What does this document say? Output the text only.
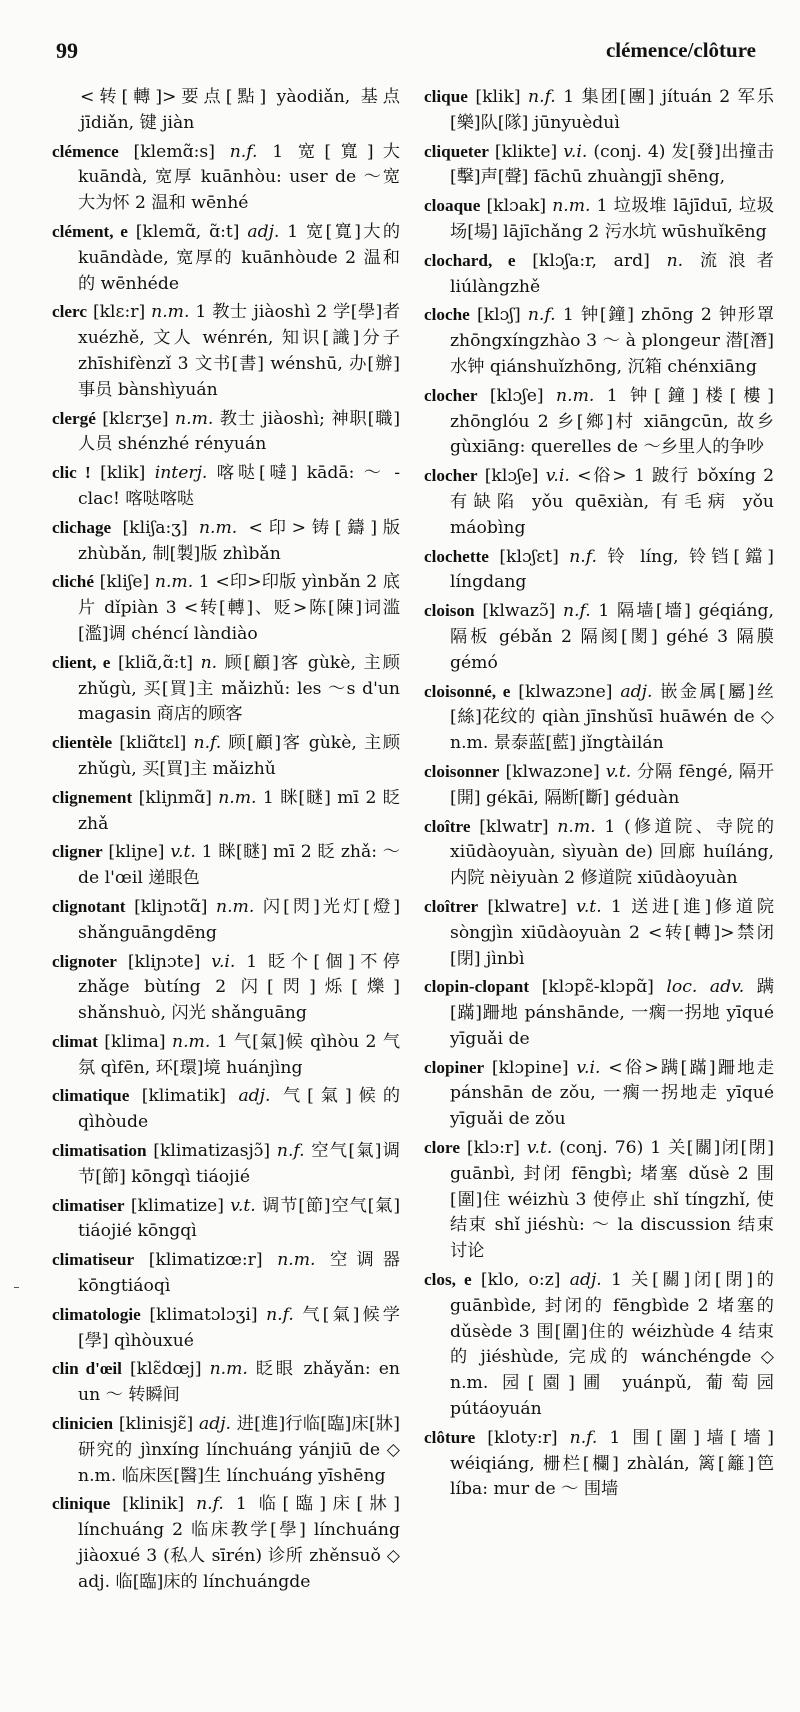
99	clémence/clôture

<转[轉]>要点[點] yàodiǎn, 基点 jīdiǎn, 键 jiàn

clémence [klemɑ̃:s] n.f. 1 宽[寬]大 kuāndà, 宽厚 kuānhòu: user de ～宽大为怀 2 温和 wēnhé

clément, e [klemɑ̃, ɑ̃:t] adj. 1 宽[寬]大的 kuāndàde, 宽厚的 kuānhòude 2 温和的 wēnhéde

clerc [klɛ:r] n.m. 1 教士 jiàoshì 2 学[學]者 xuézhě, 文人 wénrén, 知识[識]分子 zhīshifènzǐ 3 文书[書] wénshū, 办[辦]事员 bànshìyuán

clergé [klɛrʒe] n.m. 教士 jiàoshì; 神职[職]人员 shénzhé rényuán

clic ! [klik] interj. 喀哒[噠] kādā: ～ - clac! 喀哒喀哒

clichage [kliʃa:ʒ] n.m. <印>铸[鑄]版 zhùbǎn, 制[製]版 zhìbǎn

cliché [kliʃe] n.m. 1 <印>印版 yìnbǎn 2 底片 dǐpiàn 3 <转[轉]、贬>陈[陳]词滥[濫]调 chéncí làndiào

client, e [kliɑ̃,ɑ̃:t] n. 顾[顧]客 gùkè, 主顾 zhǔgù, 买[買]主 mǎizhǔ: les ～s d'un magasin 商店的顾客

clientèle [kliɑ̃tɛl] n.f. 顾[顧]客 gùkè, 主顾 zhǔgù, 买[買]主 mǎizhǔ

clignement [kliɲmɑ̃] n.m. 1 眯[瞇] mī 2 眨 zhǎ

cligner [kliɲe] v.t. 1 眯[瞇] mī 2 眨 zhǎ: ～ de l'œil 递眼色

clignotant [kliɲɔtɑ̃] n.m. 闪[閃]光灯[燈] shǎnguāngdēng

clignoter [kliɲɔte] v.i. 1 眨个[個]不停 zhǎge bùtíng 2 闪[閃]烁[爍] shǎnshuò, 闪光 shǎnguāng

climat [klima] n.m. 1 气[氣]候 qìhòu 2 气氛 qìfēn, 环[環]境 huánjìng

climatique [klimatik] adj. 气[氣]候的 qìhòude

climatisation [klimatizasjɔ̃] n.f. 空气[氣]调节[節] kōngqì tiáojié

climatiser [klimatize] v.t. 调节[節]空气[氣] tiáojié kōngqì

climatiseur [klimatizœ:r] n.m. 空调器 kōngtiáoqì

climatologie [klimatɔlɔʒi] n.f. 气[氣]候学[學] qìhòuxué

clin d'œil [klɛ̃dœj] n.m. 眨眼 zhǎyǎn: en un ～ 转瞬间

clinicien [klinisjɛ̃] adj. 进[進]行临[臨]床[牀]研究的 jìnxíng línchuáng yánjiū de ◇ n.m. 临床医[醫]生 línchuáng yīshēng

clinique [klinik] n.f. 1 临[臨]床[牀] línchuáng 2 临床教学[學] línchuáng jiàoxué 3 (私人 sīrén) 诊所 zhěnsuǒ ◇ adj. 临[臨]床的 línchuángde

clique [klik] n.f. 1 集团[團] jítuán 2 军乐[樂]队[隊] jūnyuèduì

cliqueter [klikte] v.i. (conj. 4) 发[發]出撞击[擊]声[聲] fāchū zhuàngjī shēng,

cloaque [klɔak] n.m. 1 垃圾堆 lājīduī, 垃圾场[場] lājīchǎng 2 污水坑 wūshuǐkēng

clochard, e [klɔʃa:r, ard] n. 流浪者 liúlàngzhě

cloche [klɔʃ] n.f. 1 钟[鐘] zhōng 2 钟形罩 zhōngxíngzhào 3 ～ à plongeur 潜[潛]水钟 qiánshuǐzhōng, 沉箱 chénxiāng

clocher [klɔʃe] n.m. 1 钟[鐘]楼[樓] zhōnglóu 2 乡[鄉]村 xiāngcūn, 故乡 gùxiāng: querelles de ～乡里人的争吵

clocher [klɔʃe] v.i. <俗> 1 跛行 bǒxíng 2 有缺陷 yǒu quēxiàn, 有毛病 yǒu máobìng

clochette [klɔʃɛt] n.f. 铃 líng, 铃铛[鐺] língdang

cloison [klwazɔ̃] n.f. 1 隔墙[墻] géqiáng, 隔板 gébǎn 2 隔阂[閡] géhé 3 隔膜 gémó

cloisonné, e [klwazɔne] adj. 嵌金属[屬]丝[絲]花纹的 qiàn jīnshǔsī huāwén de ◇ n.m. 景泰蓝[藍] jǐngtàilán

cloisonner [klwazɔne] v.t. 分隔 fēngé, 隔开[開] gékāi, 隔断[斷] géduàn

cloître [klwatr] n.m. 1 (修道院、寺院的 xiūdàoyuàn, sìyuàn de) 回廊 huíláng, 内院 nèiyuàn 2 修道院 xiūdàoyuàn

cloîtrer [klwatre] v.t. 1 送进[進]修道院 sòngjìn xiūdàoyuàn 2 <转[轉]>禁闭[閉] jìnbì

clopin-clopant [klɔpɛ̃-klɔpɑ̃] loc. adv. 蹒[蹣]跚地 pánshānde, 一瘸一拐地 yīqué yīguǎi de

clopiner [klɔpine] v.i. <俗>蹒[蹣]跚地走 pánshān de zǒu, 一瘸一拐地走 yīqué yīguǎi de zǒu

clore [klɔ:r] v.t. (conj. 76) 1 关[關]闭[閉] guānbì, 封闭 fēngbì; 堵塞 dǔsè 2 围[圍]住 wéizhù 3 使停止 shǐ tíngzhǐ, 使结束 shǐ jiéshù: ～ la discussion 结束讨论

clos, e [klo, o:z] adj. 1 关[關]闭[閉]的 guānbìde, 封闭的 fēngbìde 2 堵塞的 dǔsède 3 围[圍]住的 wéizhùde 4 结束的 jiéshùde, 完成的 wánchéngde ◇ n.m. 园[園]圃 yuánpǔ, 葡萄园 pútáoyuán

clôture [kloty:r] n.f. 1 围[圍]墙[墻] wéiqiáng, 栅栏[欄] zhàlán, 篱[籬]笆 líba: mur de ～ 围墙
